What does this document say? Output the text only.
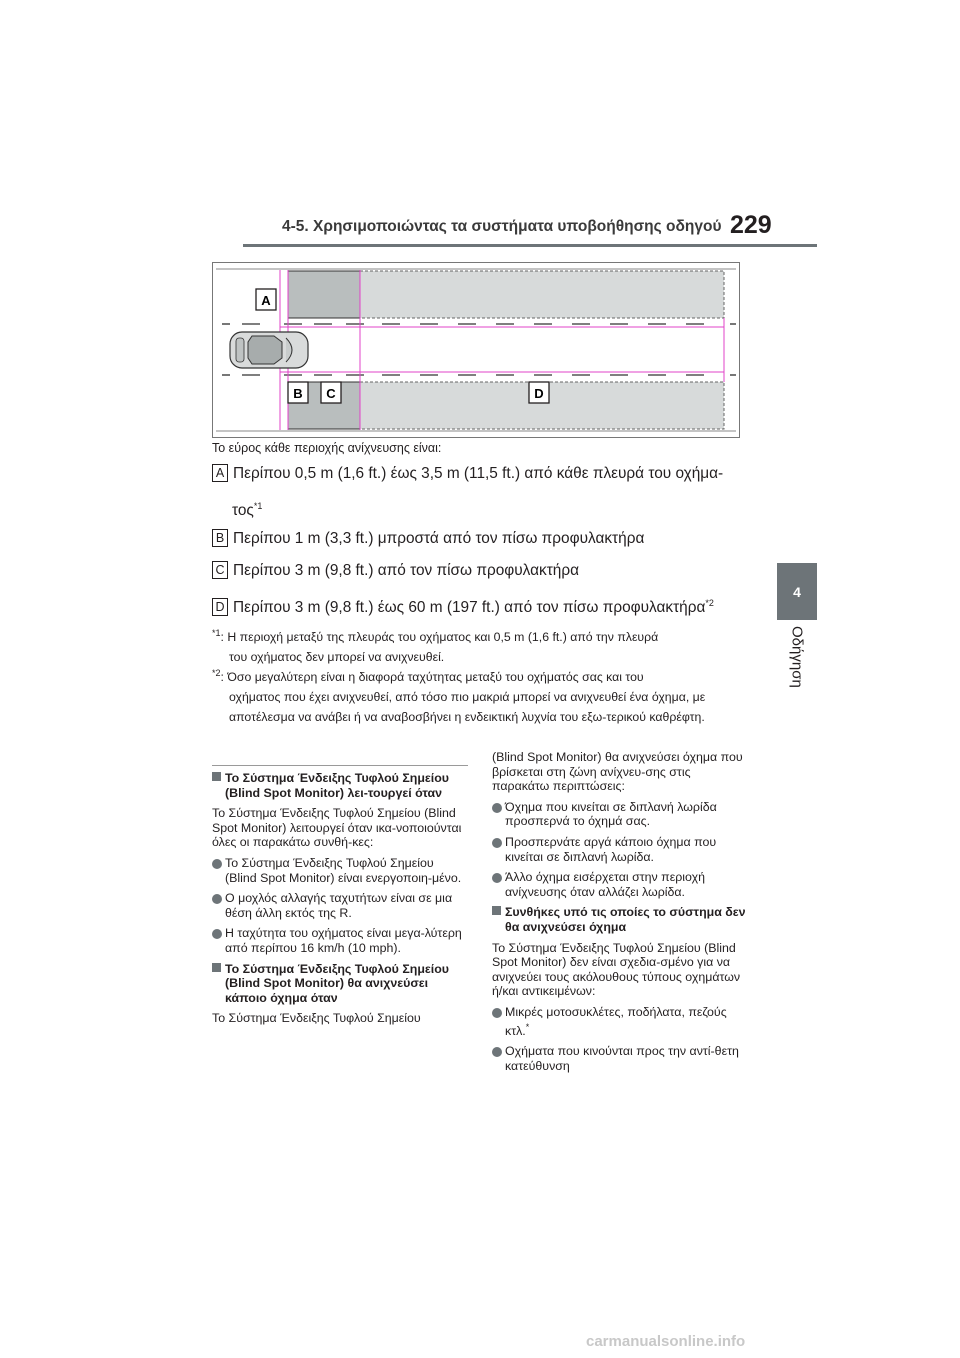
4-5. Χρησιμοποιώντας τα συστήματα υποβοήθησης οδηγού 229
4
Οδήγηση
A
B C	D
Το εύρος κάθε περιοχής ανίχνευσης είναι:
A Περίπου 0,5 m (1,6 ft.) έως 3,5 m (11,5 ft.) από κάθε πλευρά του οχήμα-
τος$^{*1}$
B Περίπου 1 m (3,3 ft.) μπροστά από τον πίσω προφυλακτήρα
C Περίπου 3 m (9,8 ft.) από τον πίσω προφυλακτήρα
D Περίπου 3 m (9,8 ft.) έως 60 m (197 ft.) από τον πίσω προφυλακτήρα$^{*2}$
$^{*1}$: Η περιοχή μεταξύ της πλευράς του οχήματος και 0,5 m (1,6 ft.) από την πλευρά
του οχήματος δεν μπορεί να ανιχνευθεί.
$^{*2}$: Όσο μεγαλύτερη είναι η διαφορά ταχύτητας μεταξύ του οχήματός σας και του
οχήματος που έχει ανιχνευθεί, από τόσο πιο μακριά μπορεί να ανιχνευθεί ένα όχημα, με αποτέλεσμα να ανάβει ή να αναβοσβήνει η ενδεικτική λυχνία του εξω-τερικού καθρέφτη.

Το Σύστημα Ένδειξης Τυφλού Σημείου (Blind Spot Monitor) λει-τουργεί όταν

Το Σύστημα Ένδειξης Τυφλού Σημείου (Blind Spot Monitor) λειτουργεί όταν ικα-νοποιούνται όλες οι παρακάτω συνθή-κες:

Το Σύστημα Ένδειξης Τυφλού Σημείου (Blind Spot Monitor) είναι ενεργοποιη-μένο.

Ο μοχλός αλλαγής ταχυτήτων είναι σε μια θέση άλλη εκτός της R.

Η ταχύτητα του οχήματος είναι μεγα-λύτερη από περίπου 16 km/h (10 mph).

Το Σύστημα Ένδειξης Τυφλού Σημείου (Blind Spot Monitor) θα ανιχνεύσει κάποιο όχημα όταν

Το Σύστημα Ένδειξης Τυφλού Σημείου

(Blind Spot Monitor) θα ανιχνεύσει όχημα που βρίσκεται στη ζώνη ανίχνευ-σης στις παρακάτω περιπτώσεις:

Όχημα που κινείται σε διπλανή λωρίδα προσπερνά το όχημά σας.

Προσπερνάτε αργά κάποιο όχημα που κινείται σε διπλανή λωρίδα.

Άλλο όχημα εισέρχεται στην περιοχή ανίχνευσης όταν αλλάζει λωρίδα.

Συνθήκες υπό τις οποίες το σύστημα δεν θα ανιχνεύσει όχημα

Το Σύστημα Ένδειξης Τυφλού Σημείου (Blind Spot Monitor) δεν είναι σχεδια-σμένο για να ανιχνεύει τους ακόλουθους τύπους οχημάτων ή/και αντικειμένων:

Μικρές μοτοσυκλέτες, ποδήλατα, πεζούς κτλ.*

Οχήματα που κινούνται προς την αντί-θετη κατεύθυνση

carmanualsonline.info
